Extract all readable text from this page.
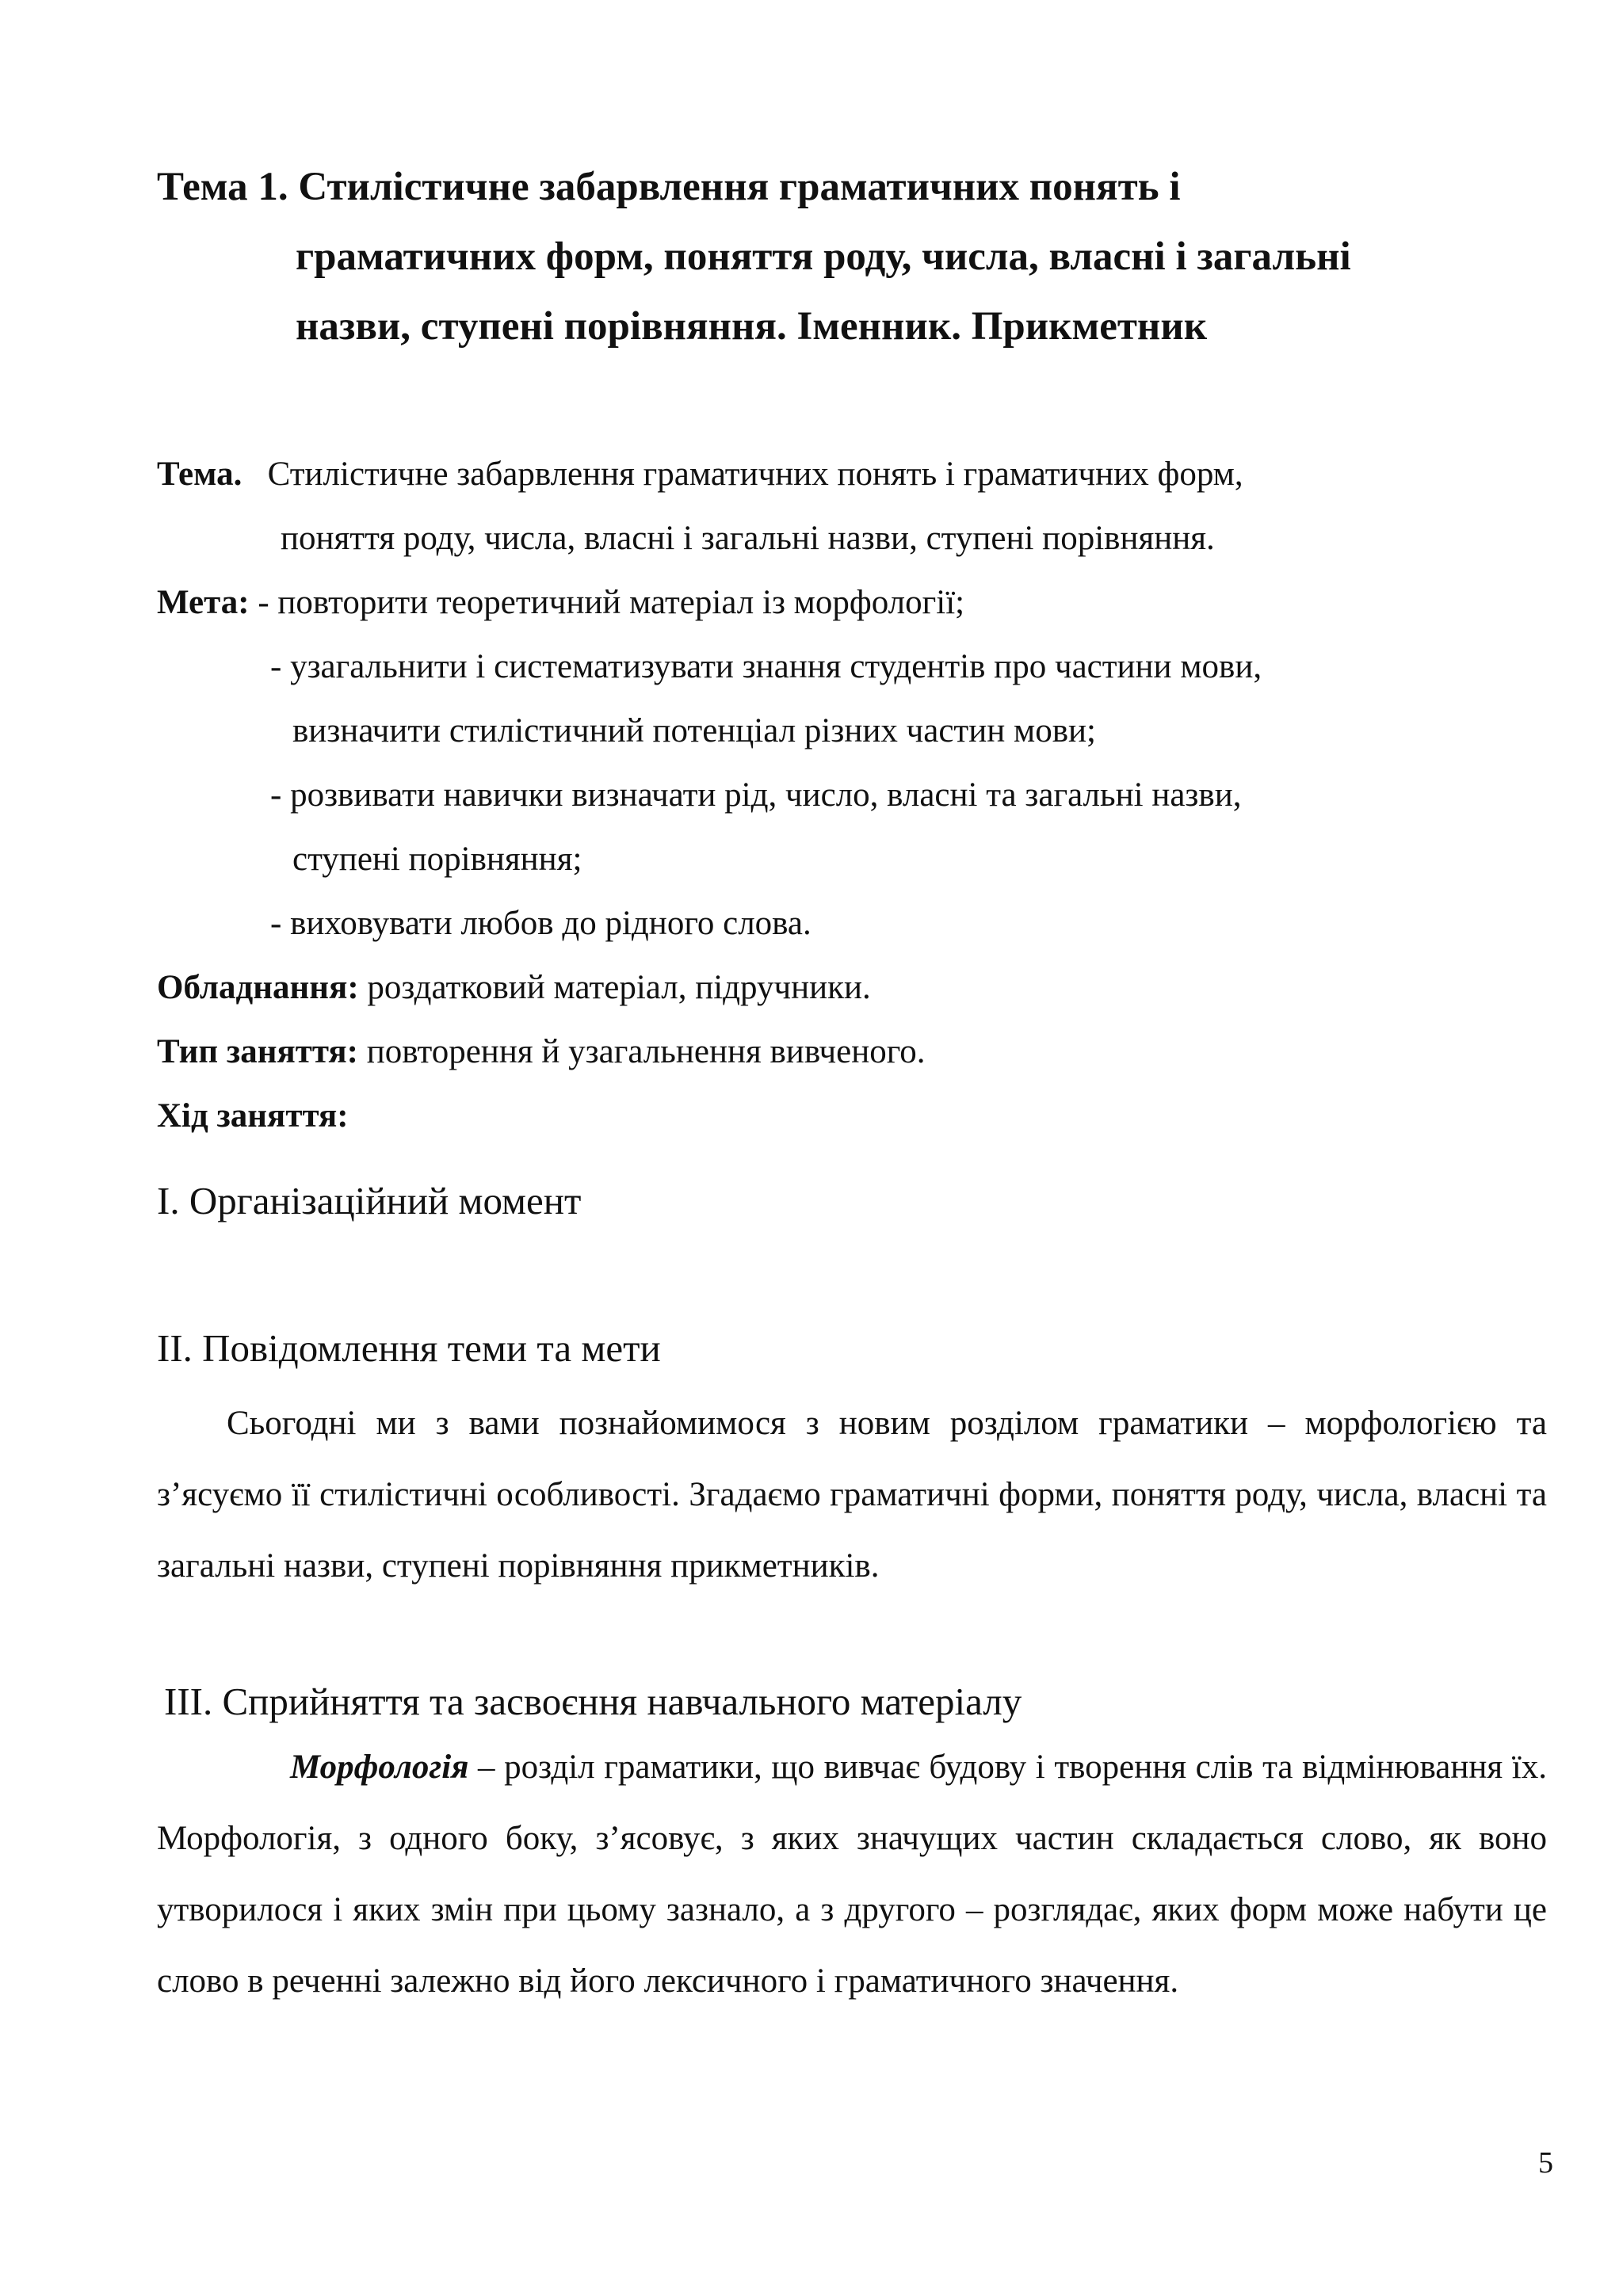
Тема 1. Стилістичне забарвлення граматичних понять і
граматичних форм, поняття роду, числа, власні і загальні
назви, ступені порівняння. Іменник. Прикметник
Тема. Стилістичне забарвлення граматичних понять і граматичних форм,
поняття роду, числа, власні і загальні назви, ступені порівняння.
Мета: - повторити теоретичний матеріал із морфології;
- узагальнити і систематизувати знання студентів про частини мови,
визначити стилістичний потенціал різних частин мови;
- розвивати навички визначати рід, число, власні та загальні назви,
ступені порівняння;
- виховувати любов до рідного слова.
Обладнання: роздатковий матеріал, підручники.
Тип заняття: повторення й узагальнення вивченого.
Хід заняття:
І. Організаційний момент
ІІ. Повідомлення теми та мети

Сьогодні ми з вами познайомимося з новим розділом граматики – морфологією та з’ясуємо її стилістичні особливості. Згадаємо граматичні форми, поняття роду, числа, власні та загальні назви, ступені порівняння прикметників.

ІІІ. Сприйняття та засвоєння навчального матеріалу

Морфологія – розділ граматики, що вивчає будову і творення слів та відмінювання їх. Морфологія, з одного боку, з’ясовує, з яких значущих частин складається слово, як воно утворилося і яких змін при цьому зазнало, а з другого – розглядає, яких форм може набути це слово в реченні залежно від його лексичного і граматичного значення.

5
